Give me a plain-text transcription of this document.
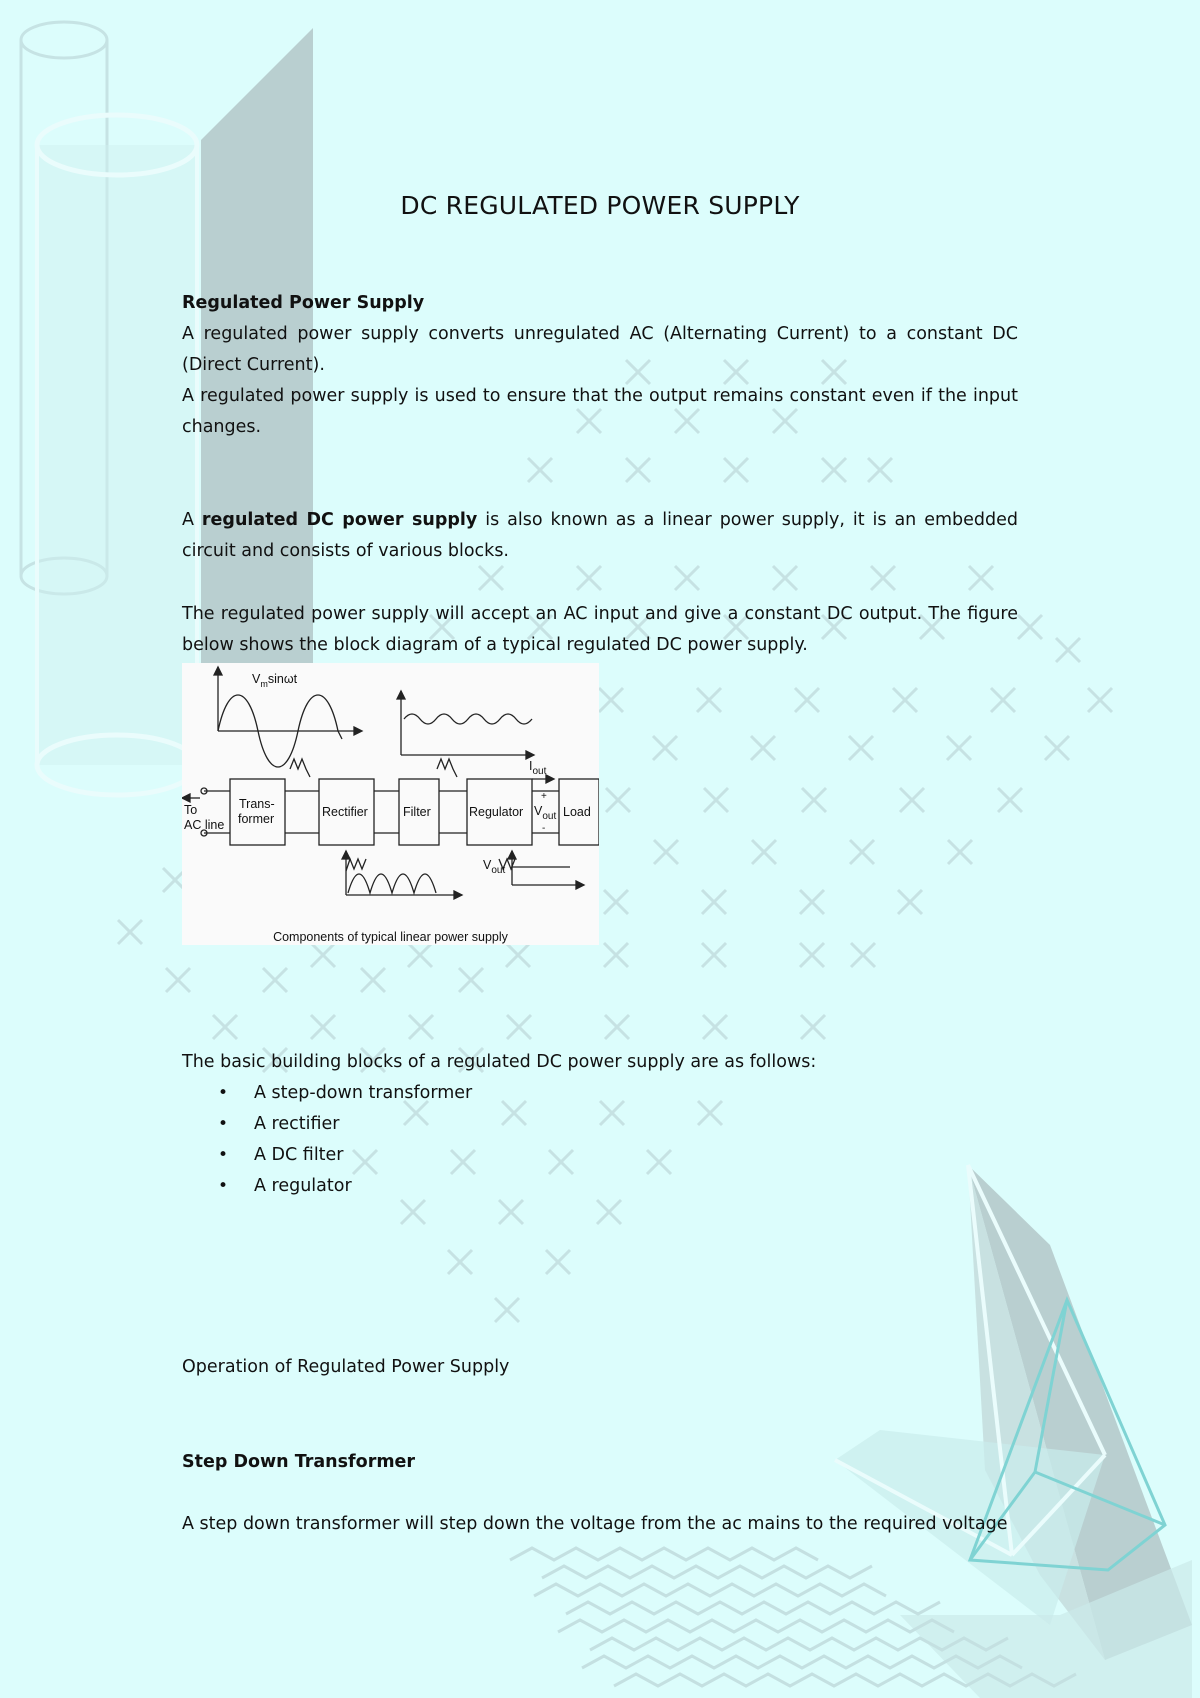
DC REGULATED POWER SUPPLY

Regulated Power Supply

A regulated power supply converts unregulated AC (Alternating Current) to a constant DC (Direct Current).

A regulated power supply is used to ensure that the output remains constant even if the input changes.

A regulated DC power supply is also known as a linear power supply, it is an embedded circuit and consists of various blocks.

The regulated power supply will accept an AC input and give a constant DC output. The figure below shows the block diagram of a typical regulated DC power supply.

$V_m\sin\omega t$
To
AC line
Trans-
former	Rectifier	Filter	Regulator	Load
$I_{out}$
+
$V_{out}$
-
$V_{out}$
Components of typical linear power supply

The basic building blocks of a regulated DC power supply are as follows:

• A step-down transformer
• A rectifier
• A DC filter
• A regulator

Operation of Regulated Power Supply

Step Down Transformer

A step down transformer will step down the voltage from the ac mains to the required voltage
